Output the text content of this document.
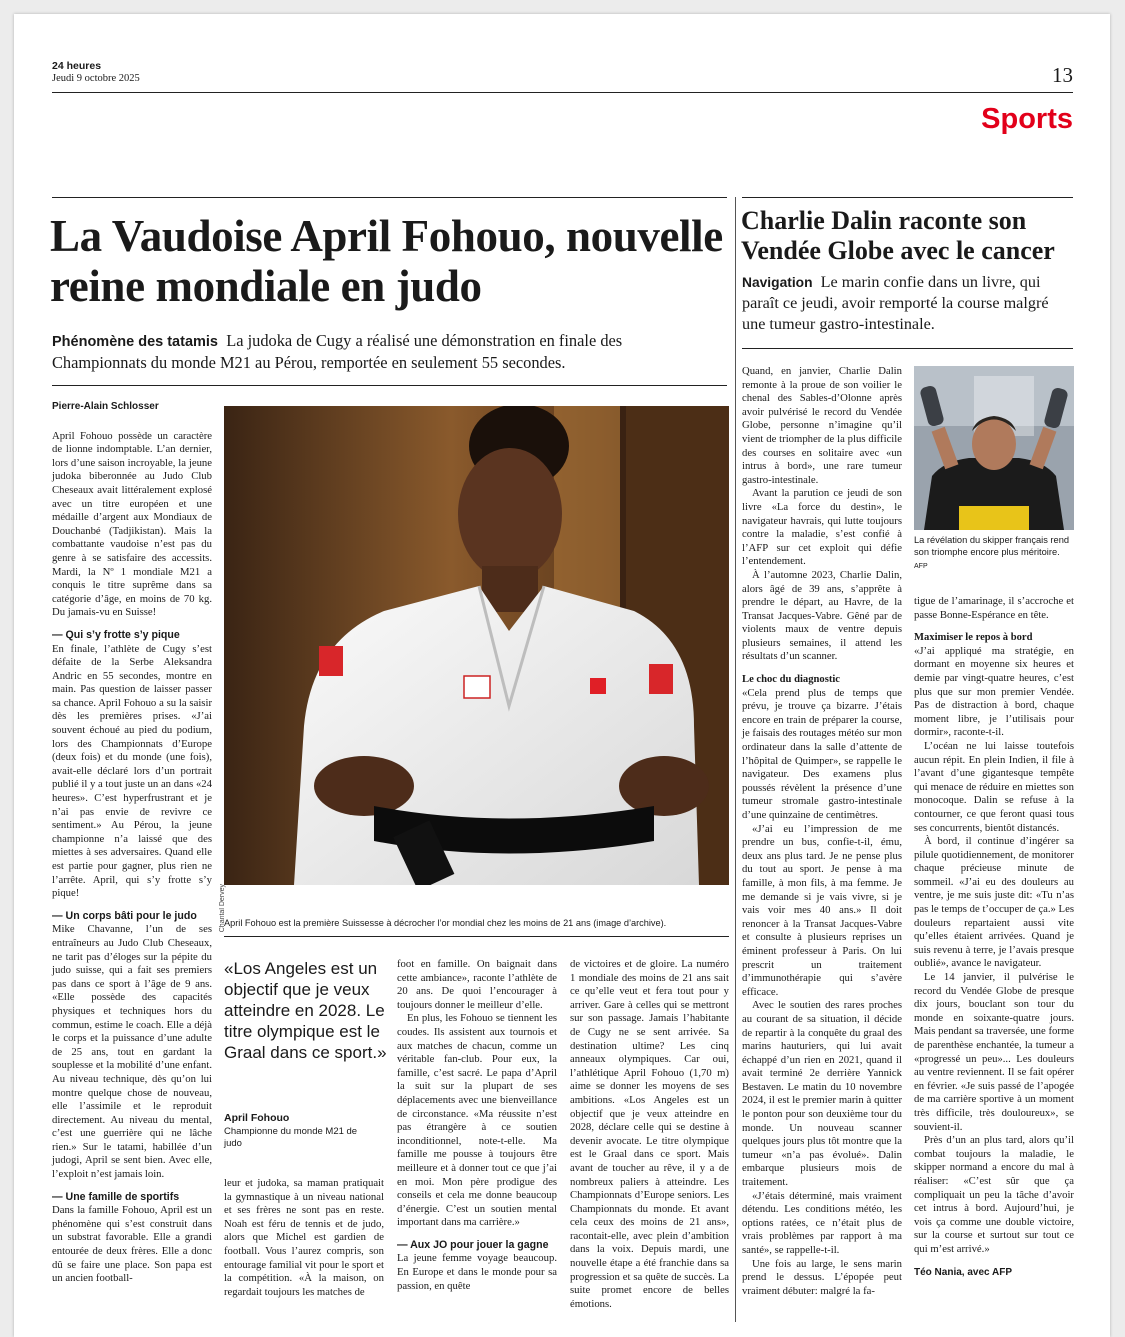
24 heures
Jeudi 9 octobre 2025	13
Sports
La Vaudoise April Fohouo, nouvelle reine mondiale en judo
Phénomène des tatamis La judoka de Cugy a réalisé une démonstration en finale des Championnats du monde M21 au Pérou, remportée en seulement 55 secondes.
Pierre-Alain Schlosser

April Fohouo possède un caractère de lionne indomptable. L’an dernier, lors d’une saison incroyable, la jeune judoka biberonnée au Judo Club Cheseaux avait littéralement explosé avec un titre européen et une médaille d’argent aux Mondiaux de Douchanbé (Tadjikistan). Mais la combattante vaudoise n’est pas du genre à se satisfaire des accessits. Mardi, la Nº 1 mondiale M21 a conquis le titre suprême dans sa catégorie d’âge, en moins de 70 kg. Du jamais-vu en Suisse!

— Qui s’y frotte s’y pique

En finale, l’athlète de Cugy s’est défaite de la Serbe Aleksandra Andric en 55 secondes, montre en main. Pas question de laisser passer sa chance. April Fohouo a su la saisir dès les premières prises. «J’ai souvent échoué au pied du podium, lors des Championnats d’Europe (deux fois) et du monde (une fois), avait-elle déclaré lors d’un portrait publié il y a tout juste un an dans «24 heures». C’est hyperfrustrant et je n’ai pas envie de revivre ce sentiment.» Au Pérou, la jeune championne n’a laissé que des miettes à ses adversaires. Quand elle est partie pour gagner, plus rien ne l’arrête. April, qui s’y frotte s’y pique!

— Un corps bâti pour le judo

Mike Chavanne, l’un de ses entraîneurs au Judo Club Cheseaux, ne tarit pas d’éloges sur la pépite du judo suisse, qui a fait ses premiers pas dans ce sport à l’âge de 9 ans. «Elle possède des capacités physiques et techniques hors du commun, estime le coach. Elle a déjà le corps et la puissance d’une adulte de 25 ans, tout en gardant la souplesse et la mobilité d’une enfant. Au niveau technique, dès qu’on lui montre quelque chose de nouveau, elle l’assimile et le reproduit directement. Au niveau du mental, c’est une guerrière qui ne lâche rien.» Sur le tatami, habillée d’un judogi, April se sent bien. Avec elle, l’exploit n’est jamais loin.

— Une famille de sportifs

Dans la famille Fohouo, April est un phénomène qui s’est construit dans un substrat favorable. Elle a grandi entourée de deux frères. Elle a donc dû se faire une place. Son papa est un ancien football-

Chantal Dervey
April Fohouo est la première Suissesse à décrocher l’or mondial chez les moins de 21 ans (image d’archive).
«Los Angeles est un objectif que je veux atteindre en 2028. Le titre olympique est le Graal dans ce sport.»
April Fohouo
Championne du monde M21 de judo

leur et judoka, sa maman pratiquait la gymnastique à un niveau national et ses frères ne sont pas en reste. Noah est féru de tennis et de judo, alors que Michel est gardien de football. Vous l’aurez compris, son entourage familial vit pour le sport et la compétition. «À la maison, on regardait toujours les matches de

foot en famille. On baignait dans cette ambiance», raconte l’athlète de 20 ans. De quoi l’encourager à toujours donner le meilleur d’elle.

En plus, les Fohouo se tiennent les coudes. Ils assistent aux tournois et aux matches de chacun, comme un véritable fan-club. Pour eux, la famille, c’est sacré. Le papa d’April la suit sur la plupart de ses déplacements avec une bienveillance de circonstance. «Ma réussite n’est pas étrangère à ce soutien inconditionnel, note-t-elle. Ma famille me pousse à toujours être meilleure et à donner tout ce que j’ai en moi. Mon père prodigue des conseils et cela me donne beaucoup d’énergie. C’est un soutien mental important dans ma carrière.»

— Aux JO pour jouer la gagne

La jeune femme voyage beaucoup. En Europe et dans le monde pour sa passion, en quête

de victoires et de gloire. La numéro 1 mondiale des moins de 21 ans sait ce qu’elle veut et fera tout pour y arriver. Gare à celles qui se mettront sur son passage. Jamais l’habitante de Cugy ne se sent arrivée. Sa destination ultime? Les cinq anneaux olympiques. Car oui, l’athlétique April Fohouo (1,70 m) aime se donner les moyens de ses ambitions. «Los Angeles est un objectif que je veux atteindre en 2028, déclare celle qui se destine à devenir avocate. Le titre olympique est le Graal dans ce sport. Mais avant de toucher au rêve, il y a de nombreux paliers à atteindre. Les Championnats d’Europe seniors. Les Championnats du monde. Et avant cela ceux des moins de 21 ans», racontait-elle, avec plein d’ambition dans la voix. Depuis mardi, une nouvelle étape a été franchie dans sa progression et sa quête de succès. La suite promet encore de belles émotions.

Charlie Dalin raconte son Vendée Globe avec le cancer
Navigation Le marin confie dans un livre, qui paraît ce jeudi, avoir remporté la course malgré une tumeur gastro-intestinale.
La révélation du skipper français rend son triomphe encore plus méritoire. AFP

Quand, en janvier, Charlie Dalin remonte à la proue de son voilier le chenal des Sables-d’Olonne après avoir pulvérisé le record du Vendée Globe, personne n’imagine qu’il vient de triompher de la plus difficile des courses en solitaire avec «un intrus à bord», une rare tumeur gastro-intestinale.

Avant la parution ce jeudi de son livre «La force du destin», le navigateur havrais, qui lutte toujours contre la maladie, s’est confié à l’AFP sur cet exploit qui défie l’entendement.

À l’automne 2023, Charlie Dalin, alors âgé de 39 ans, s’apprête à prendre le départ, au Havre, de la Transat Jacques-Vabre. Gêné par de violents maux de ventre depuis plusieurs semaines, il attend les résultats d’un scanner.

Le choc du diagnostic

«Cela prend plus de temps que prévu, je trouve ça bizarre. J’étais encore en train de préparer la course, je faisais des routages météo sur mon ordinateur dans la salle d’attente de l’hôpital de Quimper», se rappelle le navigateur. Des examens plus poussés révèlent la présence d’une tumeur stromale gastro-intestinale d’une quinzaine de centimètres.

«J’ai eu l’impression de me prendre un bus, confie-t-il, ému, deux ans plus tard. Je ne pense plus du tout au sport. Je pense à ma famille, à mon fils, à ma femme. Je me demande si je vais vivre, si je vais voir mes 40 ans.» Il doit renoncer à la Transat Jacques-Vabre et consulte à plusieurs reprises un éminent professeur à Paris. On lui prescrit un traitement d’immunothérapie qui s’avère efficace.

Avec le soutien des rares proches au courant de sa situation, il décide de repartir à la conquête du graal des marins hauturiers, qui lui avait échappé d’un rien en 2021, quand il avait terminé 2e derrière Yannick Bestaven. Le matin du 10 novembre 2024, il est le premier marin à quitter le ponton pour son deuxième tour du monde. Un nouveau scanner quelques jours plus tôt montre que la tumeur «n’a pas évolué». Dalin embarque plusieurs mois de traitement.

«J’étais déterminé, mais vraiment détendu. Les conditions météo, les options ratées, ce n’était plus de vrais problèmes par rapport à ma santé», se rappelle-t-il.

Une fois au large, le sens marin prend le dessus. L’épopée peut vraiment débuter: malgré la fa-

tigue de l’amarinage, il s’accroche et passe Bonne-Espérance en tête.

Maximiser le repos à bord

«J’ai appliqué ma stratégie, en dormant en moyenne six heures et demie par vingt-quatre heures, c’est plus que sur mon premier Vendée. Pas de distraction à bord, chaque moment libre, je l’utilisais pour dormir», raconte-t-il.

L’océan ne lui laisse toutefois aucun répit. En plein Indien, il file à l’avant d’une gigantesque tempête qui menace de réduire en miettes son monocoque. Dalin se refuse à la contourner, ce que feront quasi tous ses concurrents, bientôt distancés.

À bord, il continue d’ingérer sa pilule quotidiennement, de monitorer chaque précieuse minute de sommeil. «J’ai eu des douleurs au ventre, je me suis juste dit: «Tu n’as pas le temps de t’occuper de ça.» Les douleurs repartaient aussi vite qu’elles étaient arrivées. Quand je suis revenu à terre, je l’avais presque oublié», avance le navigateur.

Le 14 janvier, il pulvérise le record du Vendée Globe de presque dix jours, bouclant son tour du monde en soixante-quatre jours. Mais pendant sa traversée, une forme de parenthèse enchantée, la tumeur a «progressé un peu»... Les douleurs au ventre reviennent. Il se fait opérer en février. «Je suis passé de l’apogée de ma carrière sportive à un moment très difficile, très douloureux», se souvient-il.

Près d’un an plus tard, alors qu’il combat toujours la maladie, le skipper normand a encore du mal à réaliser: «C’est sûr que ça compliquait un peu la tâche d’avoir cet intrus à bord. Aujourd’hui, je vois ça comme une double victoire, sur la course et surtout sur tout ce qui m’est arrivé.»

Téo Nania, avec AFP
